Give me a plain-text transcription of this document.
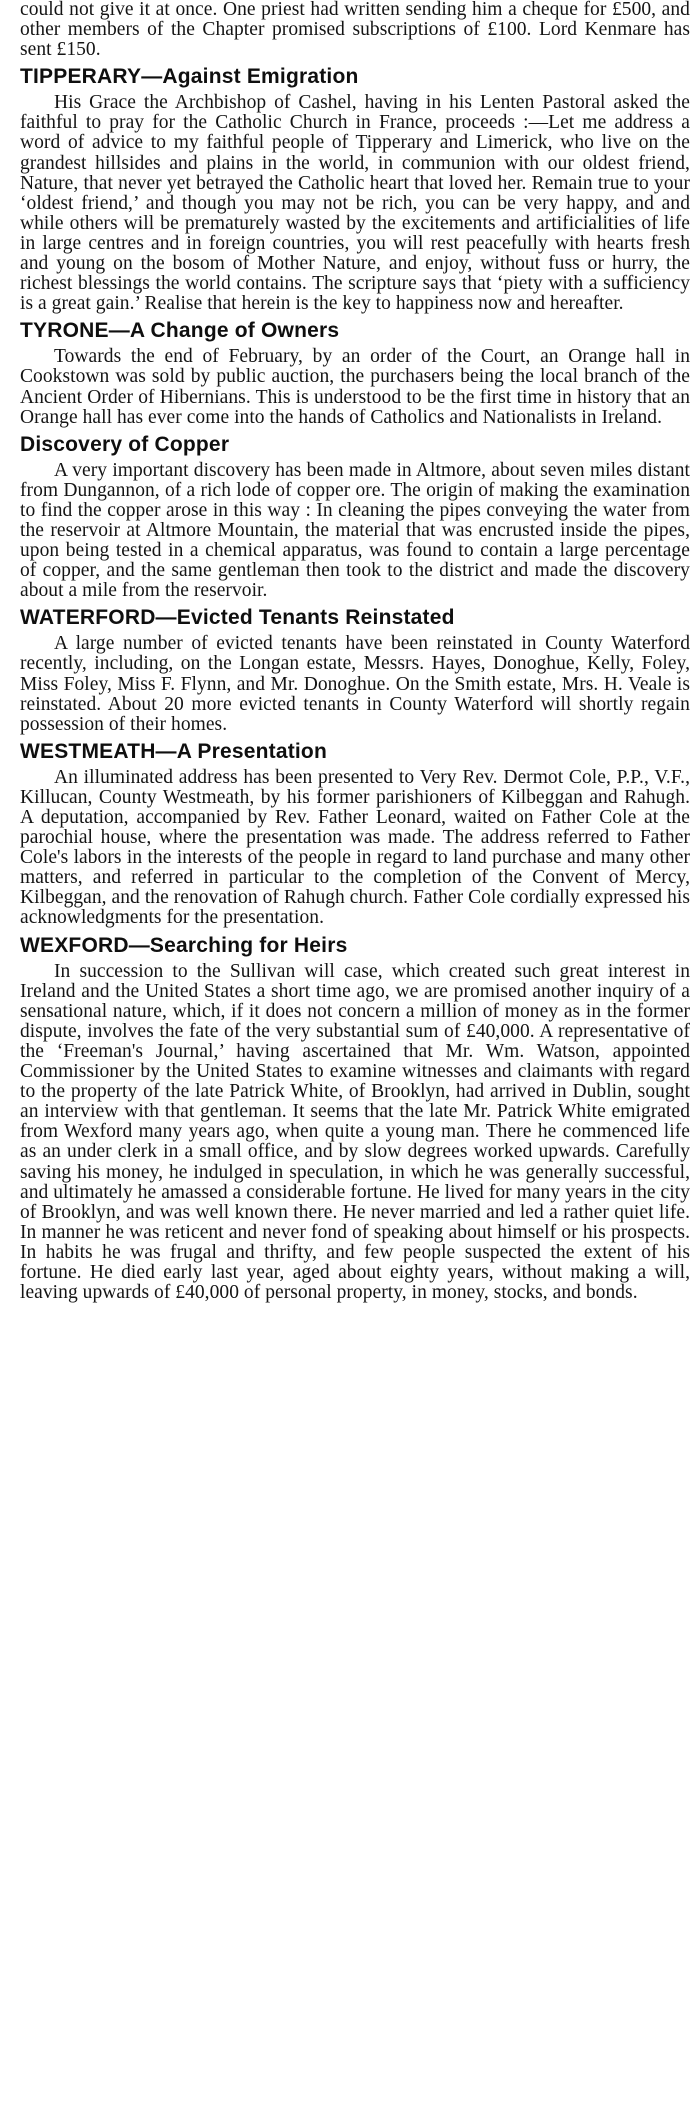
could not give it at once. One priest had written sending him a cheque for £500, and other members of the Chapter promised subscriptions of £100. Lord Kenmare has sent £150.

TIPPERARY—Against Emigration

His Grace the Archbishop of Cashel, having in his Lenten Pastoral asked the faithful to pray for the Catholic Church in France, proceeds :—Let me address a word of advice to my faithful people of Tipperary and Limerick, who live on the grandest hillsides and plains in the world, in communion with our oldest friend, Nature, that never yet betrayed the Catholic heart that loved her. Remain true to your ‘oldest friend,’ and though you may not be rich, you can be very happy, and and while others will be prematurely wasted by the excitements and artificialities of life in large centres and in foreign countries, you will rest peacefully with hearts fresh and young on the bosom of Mother Nature, and enjoy, without fuss or hurry, the richest blessings the world contains. The scripture says that ‘piety with a sufficiency is a great gain.’ Realise that herein is the key to happiness now and hereafter.

TYRONE—A Change of Owners

Towards the end of February, by an order of the Court, an Orange hall in Cookstown was sold by public auction, the purchasers being the local branch of the Ancient Order of Hibernians. This is understood to be the first time in history that an Orange hall has ever come into the hands of Catholics and Nationalists in Ireland.

Discovery of Copper

A very important discovery has been made in Altmore, about seven miles distant from Dungannon, of a rich lode of copper ore. The origin of making the examination to find the copper arose in this way : In cleaning the pipes conveying the water from the reservoir at Altmore Mountain, the material that was encrusted inside the pipes, upon being tested in a chemical apparatus, was found to contain a large percentage of copper, and the same gentleman then took to the district and made the discovery about a mile from the reservoir.

WATERFORD—Evicted Tenants Reinstated

A large number of evicted tenants have been reinstated in County Waterford recently, including, on the Longan estate, Messrs. Hayes, Donoghue, Kelly, Foley, Miss Foley, Miss F. Flynn, and Mr. Donoghue. On the Smith estate, Mrs. H. Veale is reinstated. About 20 more evicted tenants in County Waterford will shortly regain possession of their homes.

WESTMEATH—A Presentation

An illuminated address has been presented to Very Rev. Dermot Cole, P.P., V.F., Killucan, County Westmeath, by his former parishioners of Kilbeggan and Rahugh. A deputation, accompanied by Rev. Father Leonard, waited on Father Cole at the parochial house, where the presentation was made. The address referred to Father Cole's labors in the interests of the people in regard to land purchase and many other matters, and referred in particular to the completion of the Convent of Mercy, Kilbeggan, and the renovation of Rahugh church. Father Cole cordially expressed his acknowledgments for the presentation.

WEXFORD—Searching for Heirs

In succession to the Sullivan will case, which created such great interest in Ireland and the United States a short time ago, we are promised another inquiry of a sensational nature, which, if it does not concern a million of money as in the former dispute, involves the fate of the very substantial sum of £40,000. A representative of the ‘Freeman's Journal,’ having ascertained that Mr. Wm. Watson, appointed Commissioner by the United States to examine witnesses and claimants with regard to the property of the late Patrick White, of Brooklyn, had arrived in Dublin, sought an interview with that gentleman. It seems that the late Mr. Patrick White emigrated from Wexford many years ago, when quite a young man. There he commenced life as an under clerk in a small office, and by slow degrees worked upwards. Carefully saving his money, he indulged in speculation, in which he was generally successful, and ultimately he amassed a considerable fortune. He lived for many years in the city of Brooklyn, and was well known there. He never married and led a rather quiet life. In manner he was reticent and never fond of speaking about himself or his prospects. In habits he was frugal and thrifty, and few people suspected the extent of his fortune. He died early last year, aged about eighty years, without making a will, leaving upwards of £40,000 of personal property, in money, stocks, and bonds.
